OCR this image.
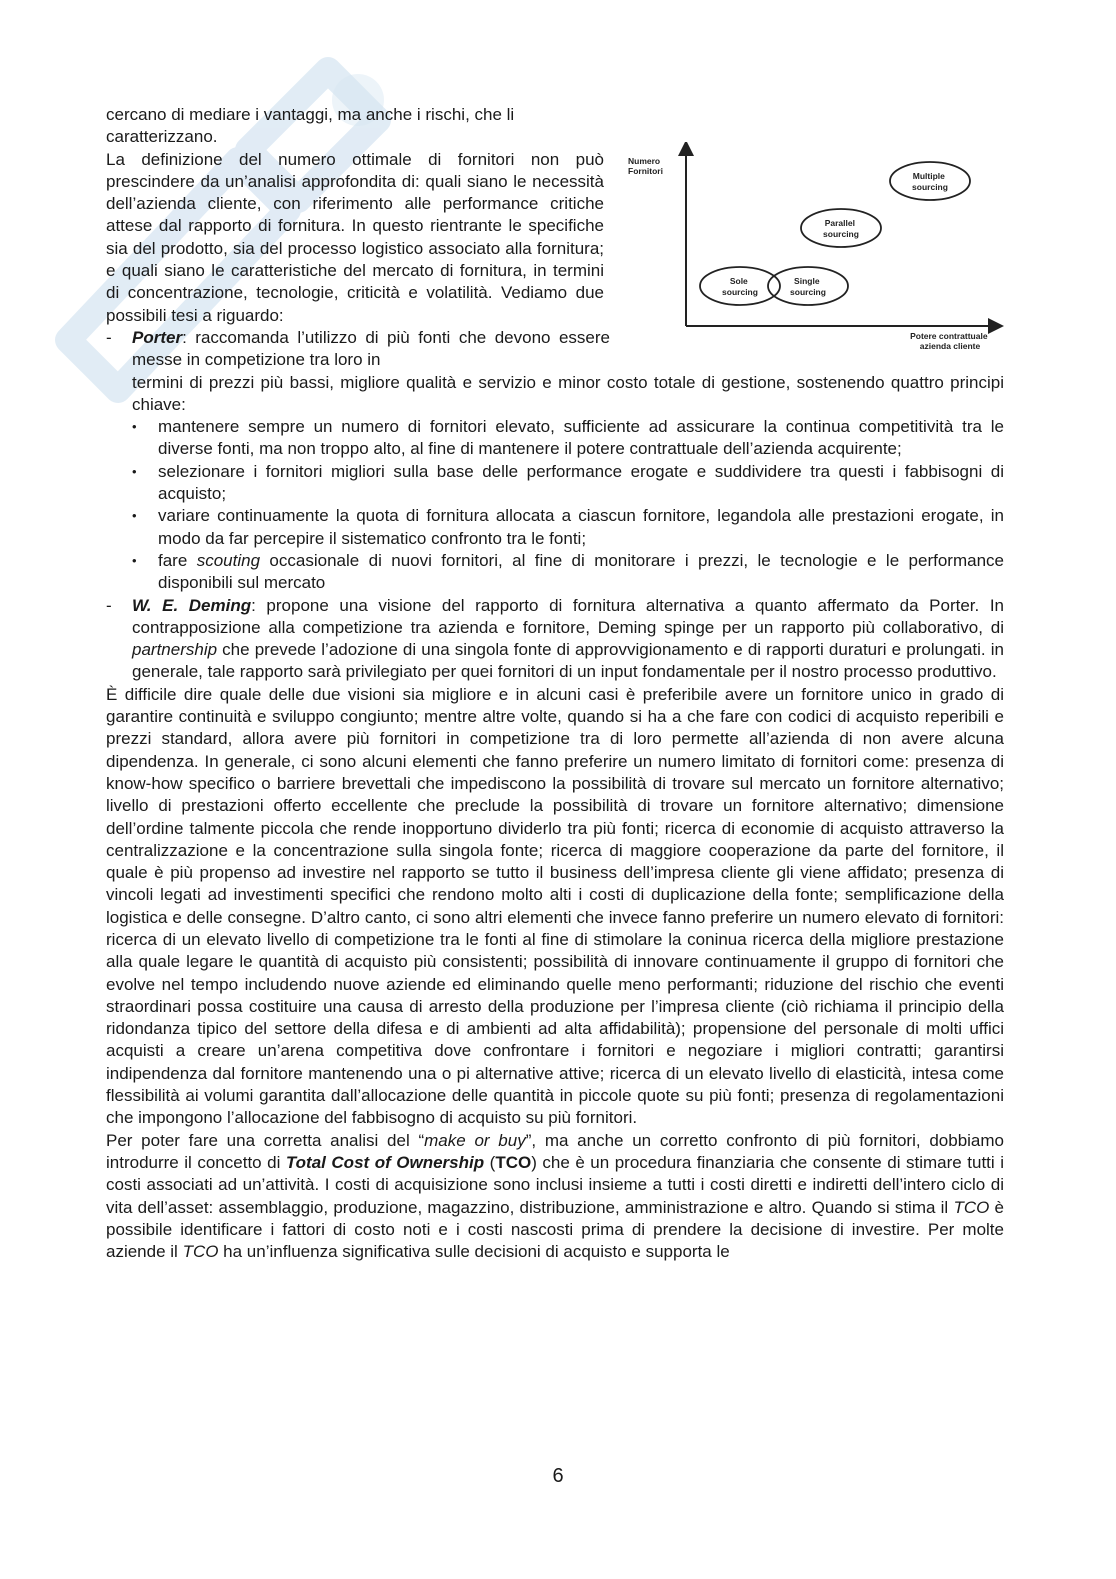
cercano di mediare i vantaggi, ma anche i rischi, che li caratterizzano.

La definizione del numero ottimale di fornitori non può prescindere da un’analisi approfondita di: quali siano le necessità dell’azienda cliente, con riferimento alle performance critiche attese dal rapporto di fornitura. In questo rientrante le specifiche sia del prodotto, sia del processo logistico associato alla fornitura; e quali siano le caratteristiche del mercato di fornitura, in termini di concentrazione, tecnologie, criticità e volatilità. Vediamo due possibili tesi a riguardo:

- Porter: raccomanda l’utilizzo di più fonti che devono essere messe in competizione tra loro in
termini di prezzi più bassi, migliore qualità e servizio e minor costo totale di gestione, sostenendo quattro principi chiave:
• mantenere sempre un numero di fornitori elevato, sufficiente ad assicurare la continua competitività tra le diverse fonti, ma non troppo alto, al fine di mantenere il potere contrattuale dell’azienda acquirente;
• selezionare i fornitori migliori sulla base delle performance erogate e suddividere tra questi i fabbisogni di acquisto;
• variare continuamente la quota di fornitura allocata a ciascun fornitore, legandola alle prestazioni erogate, in modo da far percepire il sistematico confronto tra le fonti;
• fare scouting occasionale di nuovi fornitori, al fine di monitorare i prezzi, le tecnologie e le performance disponibili sul mercato
- W. E. Deming: propone una visione del rapporto di fornitura alternativa a quanto affermato da Porter. In contrapposizione alla competizione tra azienda e fornitore, Deming spinge per un rapporto più collaborativo, di partnership che prevede l’adozione di una singola fonte di approvvigionamento e di rapporti duraturi e prolungati. in generale, tale rapporto sarà privilegiato per quei fornitori di un input fondamentale per il nostro processo produttivo.

È difficile dire quale delle due visioni sia migliore e in alcuni casi è preferibile avere un fornitore unico in grado di garantire continuità e sviluppo congiunto; mentre altre volte, quando si ha a che fare con codici di acquisto reperibili e prezzi standard, allora avere più fornitori in competizione tra di loro permette all’azienda di non avere alcuna dipendenza. In generale, ci sono alcuni elementi che fanno preferire un numero limitato di fornitori come: presenza di know-how specifico o barriere brevettali che impediscono la possibilità di trovare sul mercato un fornitore alternativo; livello di prestazioni offerto eccellente che preclude la possibilità di trovare un fornitore alternativo; dimensione dell’ordine talmente piccola che rende inopportuno dividerlo tra più fonti; ricerca di economie di acquisto attraverso la centralizzazione e la concentrazione sulla singola fonte; ricerca di maggiore cooperazione da parte del fornitore, il quale è più propenso ad investire nel rapporto se tutto il business dell’impresa cliente gli viene affidato; presenza di vincoli legati ad investimenti specifici che rendono molto alti i costi di duplicazione della fonte; semplificazione della logistica e delle consegne. D’altro canto, ci sono altri elementi che invece fanno preferire un numero elevato di fornitori: ricerca di un elevato livello di competizione tra le fonti al fine di stimolare la coninua ricerca della migliore prestazione alla quale legare le quantità di acquisto più consistenti; possibilità di innovare continuamente il gruppo di fornitori che evolve nel tempo includendo nuove aziende ed eliminando quelle meno performanti; riduzione del rischio che eventi straordinari possa costituire una causa di arresto della produzione per l’impresa cliente (ciò richiama il principio della ridondanza tipico del settore della difesa e di ambienti ad alta affidabilità); propensione del personale di molti uffici acquisti a creare un’arena competitiva dove confrontare i fornitori e negoziare i migliori contratti; garantirsi indipendenza dal fornitore mantenendo una o pi alternative attive; ricerca di un elevato livello di elasticità, intesa come flessibilità ai volumi garantita dall’allocazione delle quantità in piccole quote su più fonti; presenza di regolamentazioni che impongono l’allocazione del fabbisogno di acquisto su più fornitori.

Per poter fare una corretta analisi del “make or buy”, ma anche un corretto confronto di più fornitori, dobbiamo introdurre il concetto di Total Cost of Ownership (TCO) che è un procedura finanziaria che consente di stimare tutti i costi associati ad un’attività. I costi di acquisizione sono inclusi insieme a tutti i costi diretti e indiretti dell’intero ciclo di vita dell’asset: assemblaggio, produzione, magazzino, distribuzione, amministrazione e altro. Quando si stima il TCO è possibile identificare i fattori di costo noti e i costi nascosti prima di prendere la decisione di investire. Per molte aziende il TCO ha un’influenza significativa sulle decisioni di acquisto e supporta le

Numero Fornitori
Potere contrattuale azienda cliente
Multiple sourcing
Parallel sourcing
Sole sourcing
Single sourcing
6
